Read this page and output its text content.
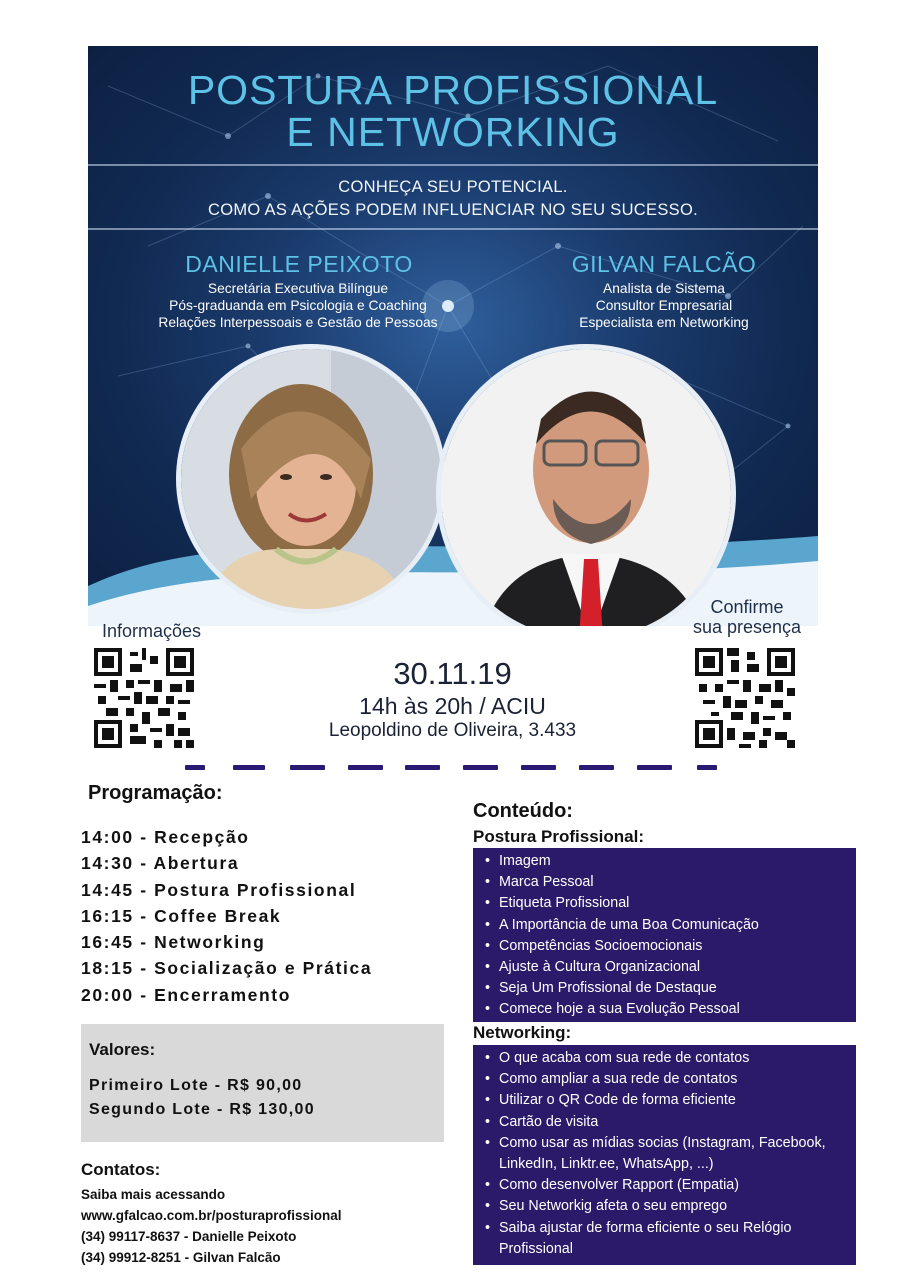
POSTURA PROFISSIONAL
E NETWORKING
CONHEÇA SEU POTENCIAL.
COMO AS AÇÕES PODEM INFLUENCIAR NO SEU SUCESSO.
DANIELLE PEIXOTO
Secretária Executiva Bilíngue
Pós-graduanda em Psicologia e Coaching
Relações Interpessoais e Gestão de Pessoas
GILVAN FALCÃO
Analista de Sistema
Consultor Empresarial
Especialista em Networking
Informações
Confirme
sua presença
30.11.19
14h às 20h / ACIU
Leopoldino de Oliveira, 3.433
Programação:
14:00 - Recepção
14:30 - Abertura
14:45 - Postura Profissional
16:15 - Coffee Break
16:45 - Networking
18:15 - Socialização e Prática
20:00 - Encerramento
Valores:
Primeiro Lote - R$ 90,00
Segundo Lote - R$ 130,00
Contatos:
Saiba mais acessando
www.gfalcao.com.br/posturaprofissional
(34) 99117-8637 - Danielle Peixoto
(34) 99912-8251 - Gilvan Falcão
Conteúdo:
Postura Profissional:
• Imagem
• Marca Pessoal
• Etiqueta Profissional
• A Importância de uma Boa Comunicação
• Competências Socioemocionais
• Ajuste à Cultura Organizacional
• Seja Um Profissional de Destaque
• Comece hoje a sua Evolução Pessoal
Networking:
• O que acaba com sua rede de contatos
• Como ampliar a sua rede de contatos
• Utilizar o QR Code de forma eficiente
• Cartão de visita
• Como usar as mídias socias (Instagram, Facebook, LinkedIn, Linktr.ee, WhatsApp, ...)
• Como desenvolver Rapport (Empatia)
• Seu Networkig afeta o seu emprego
• Saiba ajustar de forma eficiente o seu Relógio Profissional
